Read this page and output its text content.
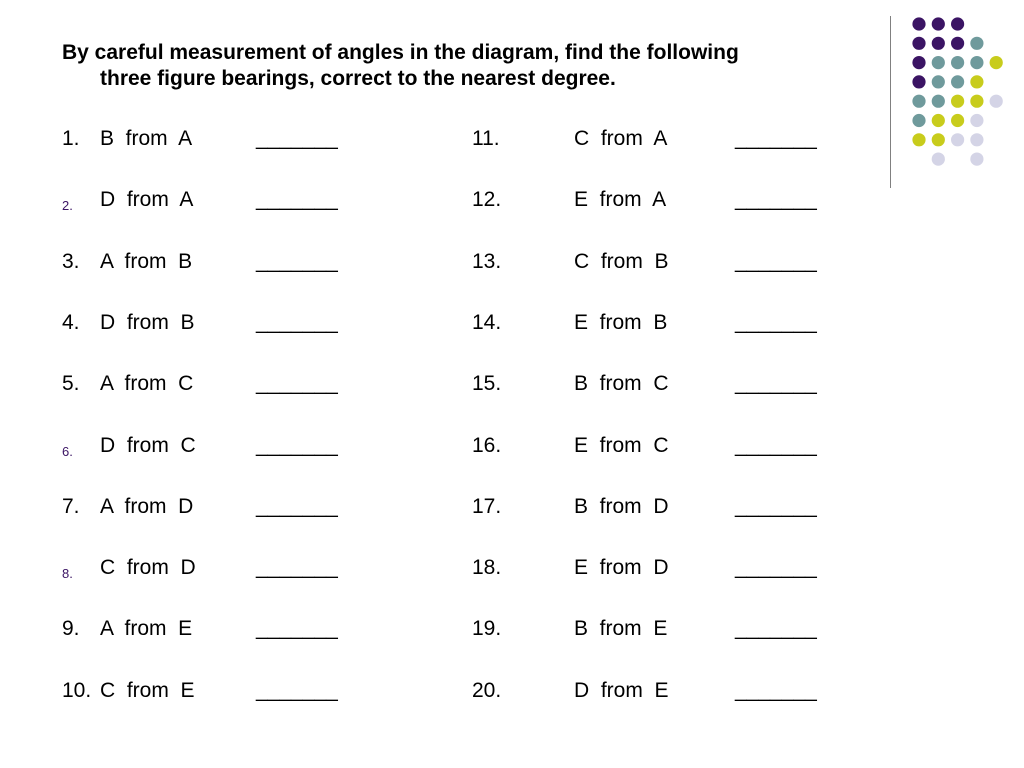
By careful measurement of angles in the diagram, find the following
three figure bearings, correct to the nearest degree.
1. B  from  A	_______
2. D  from  A	_______
3. A  from  B	_______
4. D  from  B	_______
5. A  from  C	_______
6. D  from  C	_______
7. A  from  D	_______
8. C  from  D	_______
9. A  from  E	_______
10. C  from  E	_______
11.	C  from  A	_______
12.	E  from  A	_______
13.	C  from  B	_______
14.	E  from  B	_______
15.	B  from  C	_______
16.	E  from  C	_______
17.	B  from  D	_______
18.	E  from  D	_______
19.	B  from  E	_______
20.	D  from  E	_______
